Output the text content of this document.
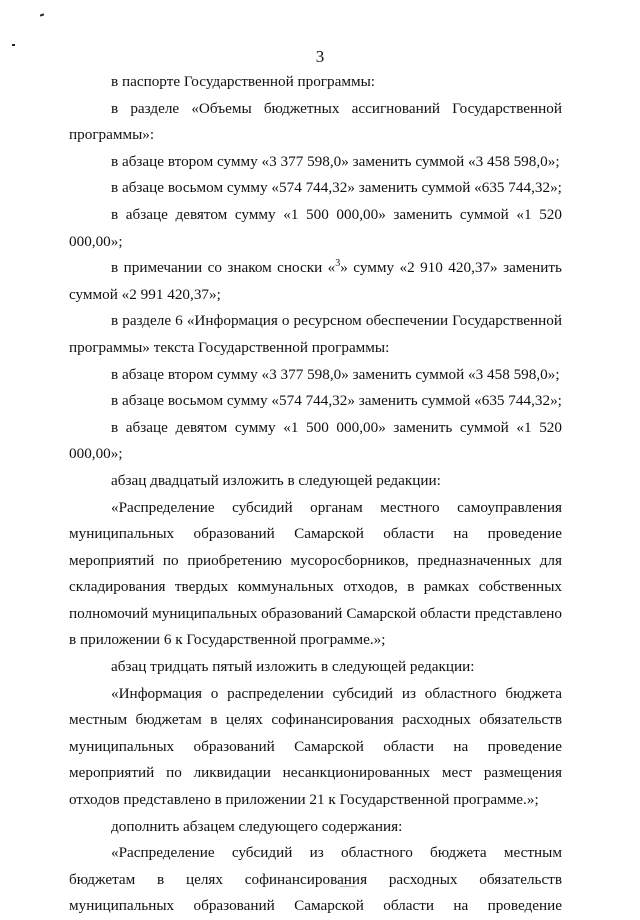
3

в паспорте Государственной программы:

в разделе «Объемы бюджетных ассигнований Государственной программы»:

в абзаце втором сумму «3 377 598,0» заменить суммой «3 458 598,0»;

в абзаце восьмом сумму «574 744,32» заменить суммой «635 744,32»;

в абзаце девятом сумму «1 500 000,00» заменить суммой «1 520 000,00»;

в примечании со знаком сноски «$^3$» сумму «2 910 420,37» заменить суммой «2 991 420,37»;

в разделе 6 «Информация о ресурсном обеспечении Государственной программы» текста Государственной программы:

в абзаце втором сумму «3 377 598,0» заменить суммой «3 458 598,0»;

в абзаце восьмом сумму «574 744,32» заменить суммой «635 744,32»;

в абзаце девятом сумму «1 500 000,00» заменить суммой «1 520 000,00»;

абзац двадцатый изложить в следующей редакции:

«Распределение субсидий органам местного самоуправления муниципальных образований Самарской области на проведение мероприятий по приобретению мусоросборников, предназначенных для складирования твердых коммунальных отходов, в рамках собственных полномочий муниципальных образований Самарской области представлено в приложении 6 к Государственной программе.»;

абзац тридцать пятый изложить в следующей редакции:

«Информация о распределении субсидий из областного бюджета местным бюджетам в целях софинансирования расходных обязательств муниципальных образований Самарской области на проведение мероприятий по ликвидации несанкционированных мест размещения отходов представлено в приложении 21 к Государственной программе.»;

дополнить абзацем следующего содержания:

«Распределение субсидий из областного бюджета местным бюджетам в целях софинансирования расходных обязательств муниципальных образований Самарской области на проведение
